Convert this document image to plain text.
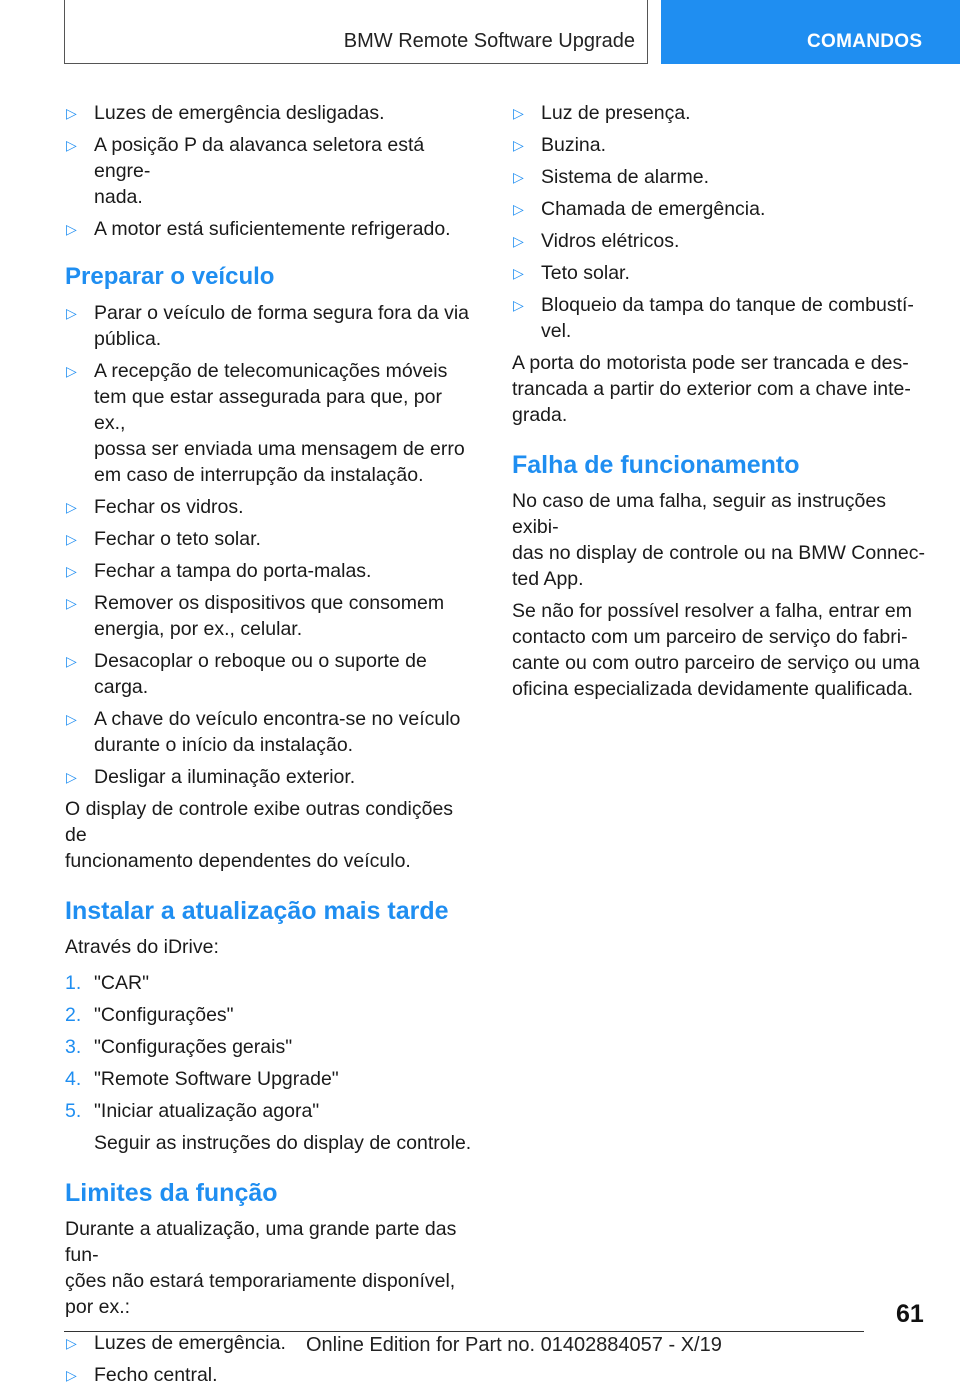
BMW Remote Software Upgrade	COMANDOS
▷ Luzes de emergência desligadas.
▷ A posição P da alavanca seletora está engre-
nada.
▷ A motor está suficientemente refrigerado.
Preparar o veículo
▷ Parar o veículo de forma segura fora da via
pública.
▷ A recepção de telecomunicações móveis
tem que estar assegurada para que, por ex.,
possa ser enviada uma mensagem de erro
em caso de interrupção da instalação.
▷ Fechar os vidros.
▷ Fechar o teto solar.
▷ Fechar a tampa do porta-malas.
▷ Remover os dispositivos que consomem
energia, por ex., celular.
▷ Desacoplar o reboque ou o suporte de carga.
▷ A chave do veículo encontra-se no veículo
durante o início da instalação.
▷ Desligar a iluminação exterior.
O display de controle exibe outras condições de
funcionamento dependentes do veículo.
Instalar a atualização mais tarde
Através do iDrive:
1. "CAR"
2. "Configurações"
3. "Configurações gerais"
4. "Remote Software Upgrade"
5. "Iniciar atualização agora"
Seguir as instruções do display de controle.
Limites da função
Durante a atualização, uma grande parte das fun-
ções não estará temporariamente disponível,
por ex.:
▷ Luzes de emergência.
▷ Fecho central.
▷ Luz de presença.
▷ Buzina.
▷ Sistema de alarme.
▷ Chamada de emergência.
▷ Vidros elétricos.
▷ Teto solar.
▷ Bloqueio da tampa do tanque de combustí-
vel.
A porta do motorista pode ser trancada e des-
trancada a partir do exterior com a chave inte-
grada.
Falha de funcionamento
No caso de uma falha, seguir as instruções exibi-
das no display de controle ou na BMW Connec-
ted App.
Se não for possível resolver a falha, entrar em
contacto com um parceiro de serviço do fabri-
cante ou com outro parceiro de serviço ou uma
oficina especializada devidamente qualificada.
61
Online Edition for Part no. 01402884057 - X/19
